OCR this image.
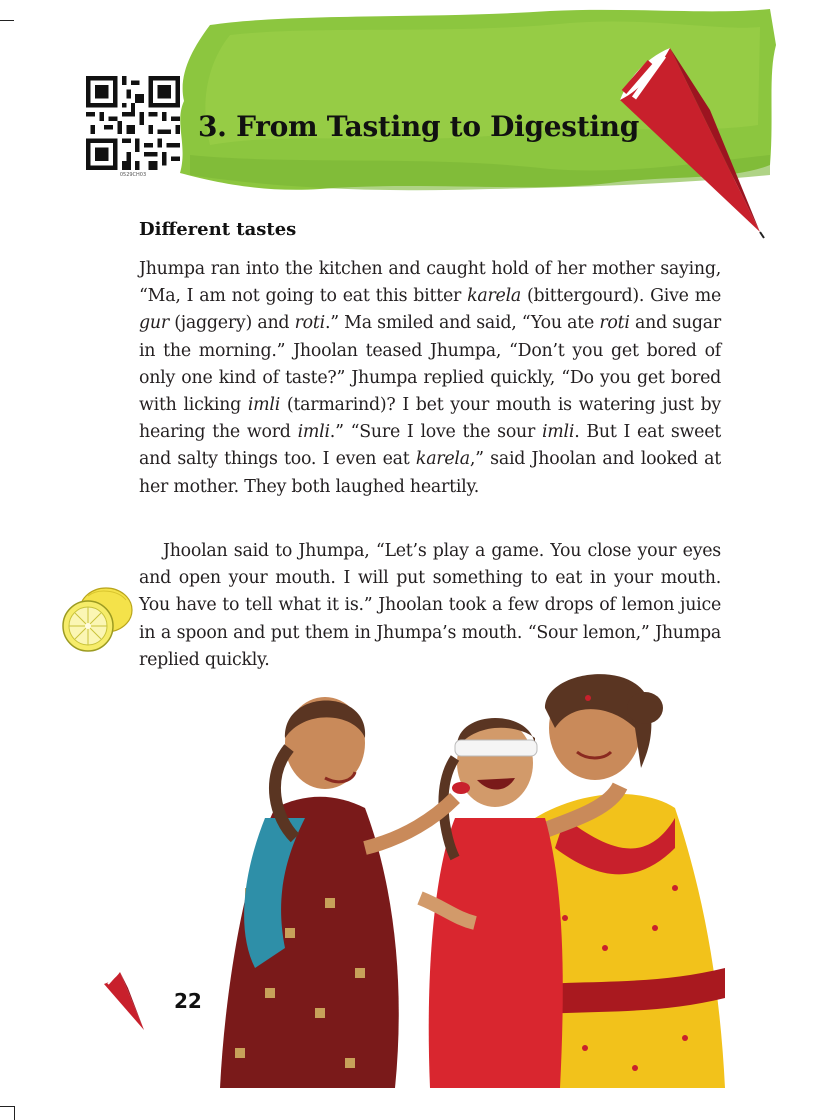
0529CH03
3. From Tasting to Digesting
Different tastes

Jhumpa ran into the kitchen and caught hold of her mother saying, “Ma, I am not going to eat this bitter karela (bittergourd). Give me gur (jaggery) and roti.” Ma smiled and said, “You ate roti and sugar in the morning.” Jhoolan teased Jhumpa, “Don’t you get bored of only one kind of taste?” Jhumpa replied quickly, “Do you get bored with licking imli (tarmarind)? I bet your mouth is watering just by hearing the word imli.” “Sure I love the sour imli. But I eat sweet and salty things too. I even eat karela,” said Jhoolan and looked at her mother. They both laughed heartily.

Jhoolan said to Jhumpa, “Let’s play a game. You close your eyes and open your mouth. I will put something to eat in your mouth. You have to tell what it is.” Jhoolan took a few drops of lemon juice in a spoon and put them in Jhumpa’s mouth. “Sour lemon,” Jhumpa replied quickly.

22
